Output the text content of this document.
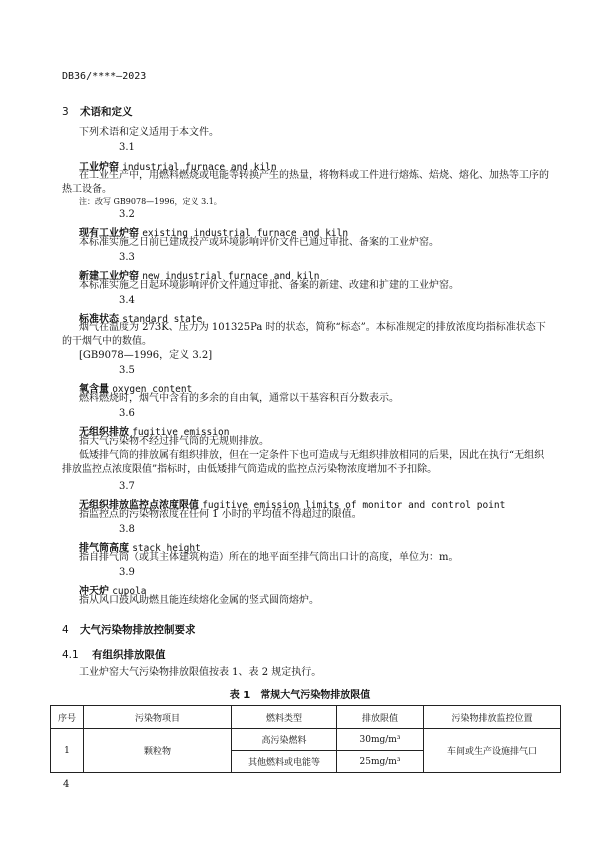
DB36/****—2023
3 术语和定义
下列术语和定义适用于本文件。
3.1
工业炉窑 industrial furnace and kiln
在工业生产中，用燃料燃烧或电能等转换产生的热量，将物料或工件进行熔炼、焙烧、熔化、加热等工序的热工设备。
注：改写 GB9078—1996，定义 3.1。
3.2
现有工业炉窑 existing industrial furnace and kiln
本标准实施之日前已建成投产或环境影响评价文件已通过审批、备案的工业炉窑。
3.3
新建工业炉窑 new industrial furnace and kiln
本标准实施之日起环境影响评价文件通过审批、备案的新建、改建和扩建的工业炉窑。
3.4
标准状态 standard state
烟气在温度为 273K、压力为 101325Pa 时的状态，简称“标态”。本标准规定的排放浓度均指标准状态下的干烟气中的数值。
[GB9078—1996，定义 3.2]
3.5
氧含量 oxygen content
燃料燃烧时，烟气中含有的多余的自由氧，通常以干基容积百分数表示。
3.6
无组织排放 fugitive emission
指大气污染物不经过排气筒的无规则排放。
低矮排气筒的排放属有组织排放，但在一定条件下也可造成与无组织排放相同的后果，因此在执行“无组织排放监控点浓度限值”指标时，由低矮排气筒造成的监控点污染物浓度增加不予扣除。
3.7
无组织排放监控点浓度限值 fugitive emission limits of monitor and control point
指监控点的污染物浓度在任何 1 小时的平均值不得超过的限值。
3.8
排气筒高度 stack height
指自排气筒（或其主体建筑构造）所在的地平面至排气筒出口计的高度，单位为：m。
3.9
冲天炉 cupola
指从风口鼓风助燃且能连续熔化金属的竖式圆筒熔炉。
4 大气污染物排放控制要求
4.1 有组织排放限值
工业炉窑大气污染物排放限值按表 1、表 2 规定执行。
表 1　常规大气污染物排放限值
序号	污染物项目	燃料类型	排放限值	污染物排放监控位置
1	颗粒物	高污染燃料	30mg/m³	车间或生产设施排气口
		其他燃料或电能等	25mg/m³	
4
